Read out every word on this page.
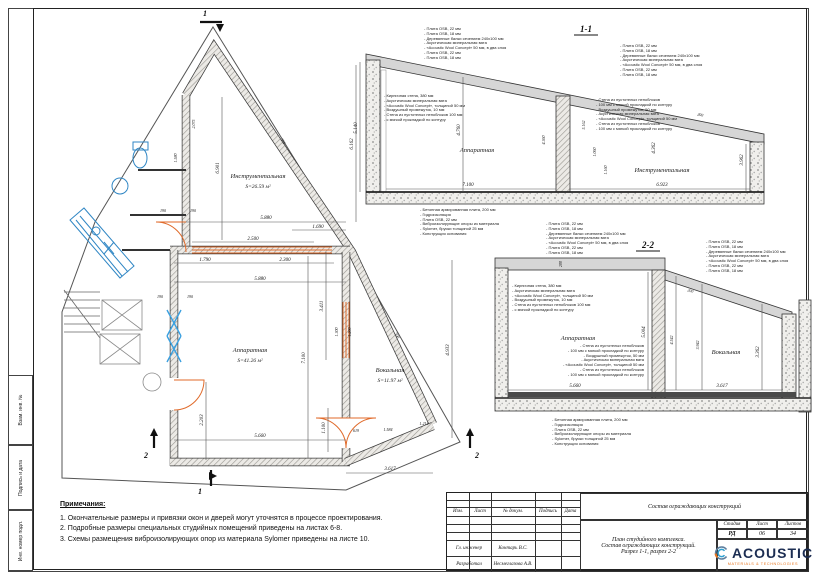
Взам. инв. №
Подпись и дата
Инв. номер подл.
6.901
6.162
5.880
1.690
2.500
1.790	2.300
5.880
7.100
3.411
5.660
2.203
1.100	619	1.584
1.214
3.617
4.933
190	190
190	190
2.075
1.580
1.300 1.200
500
500
Инструментальная
S=26.59 м²
Аппаратная
S=41.26 м²
Вокальная
S=11.97 м²
1
1
2	2
1-1
5.140	4.760
7.100
4.360
5.162
1.060
1.160
4.362
3.962
6.923
200
Аппаратная
Инструментальная
2-2
5.660	3.617
5.004
4.542
3.942
3.362
200
200
Аппаратная
Вокальная
- Плита OSB, 22 мм
- Плита OSB, 18 мм
- Деревянные балки сечением 240х100 мм
- Акустическая минеральная вата
- «Acoustic Wool Concept» 50 мм, в два слоя
- Плита OSB, 22 мм
- Плита OSB, 18 мм
- Плита OSB, 22 мм
- Плита OSB, 18 мм
- Деревянные балки сечением 240х100 мм
- Акустическая минеральная вата
- «Acoustic Wool Concept» 50 мм, в два слоя
- Плита OSB, 22 мм
- Плита OSB, 18 мм
- Кирпичная стена, 380 мм
- Акустическая минеральная вата
- «Acoustic Wool Concept», толщиной 50 мм
- Воздушный промежуток, 10 мм
- Стена из пустотелых пеноблоков 100 мм
- с мягкой прокладкой по контуру
- Стена из пустотелых пеноблоков
- 100 мм с мягкой прокладкой по контуру
- Воздушный промежуток, 50 мм
- Акустическая минеральная вата
- «Acoustic Wool Concept», толщиной 50 мм
- Стена из пустотелых пеноблоков
- 100 мм с мягкой прокладкой по контуру
- Бетонная армированная плита, 200 мм
- Гидроизоляция
- Плита OSB, 22 мм
- Виброизолирующие опоры из материала
- Sylomer, бруски толщиной 25 мм
- Конструкция основания
- Плита OSB, 22 мм
- Плита OSB, 18 мм
- Деревянные балки сечением 240х100 мм
- Акустическая минеральная вата
- «Acoustic Wool Concept» 50 мм, в два слоя
- Плита OSB, 22 мм
- Плита OSB, 18 мм
- Плита OSB, 22 мм
- Плита OSB, 18 мм
- Деревянные балки сечением 240х100 мм
- Акустическая минеральная вата
- «Acoustic Wool Concept» 50 мм, в два слоя
- Плита OSB, 22 мм
- Плита OSB, 18 мм
- Кирпичная стена, 380 мм
- Акустическая минеральная вата
- «Acoustic Wool Concept», толщиной 50 мм
- Воздушный промежуток, 10 мм
- Стена из пустотелых пеноблоков 100 мм
- с мягкой прокладкой по контуру
- Стена из пустотелых пеноблоков
- 100 мм с мягкой прокладкой по контуру
- Воздушный промежуток, 50 мм
- Акустическая минеральная вата
- «Acoustic Wool Concept», толщиной 50 мм
- Стена из пустотелых пеноблоков
- 100 мм с мягкой прокладкой по контуру
- Бетонная армированная плита, 200 мм
- Гидроизоляция
- Плита OSB, 22 мм
- Виброизолирующие опоры из материала
- Sylomer, бруски толщиной 25 мм
- Конструкция основания
Примечания:
1. Окончательные размеры и привязки окон и дверей могут уточнятся в процессе проектирования.
2. Подробные размеры специальных студийных помещений приведены на листах 6-8.
3. Схемы размещения виброизолирующих опор из материала Sylomer приведены на листе 10.
Изм.	Лист	№ докум.	Подпись	Дата
Гл. инженер	Контарь В.С.
Разработал	Несмеглазова А.В.
Состав ограждающих конструкций
План студийного комплекса.
Состав ограждающих конструкций.
Разрез 1-1, разрез 2-2
Стадия	Лист	Листов
РД	06	34
ACOUSTIC
MATERIALS & TECHNOLOGIES
